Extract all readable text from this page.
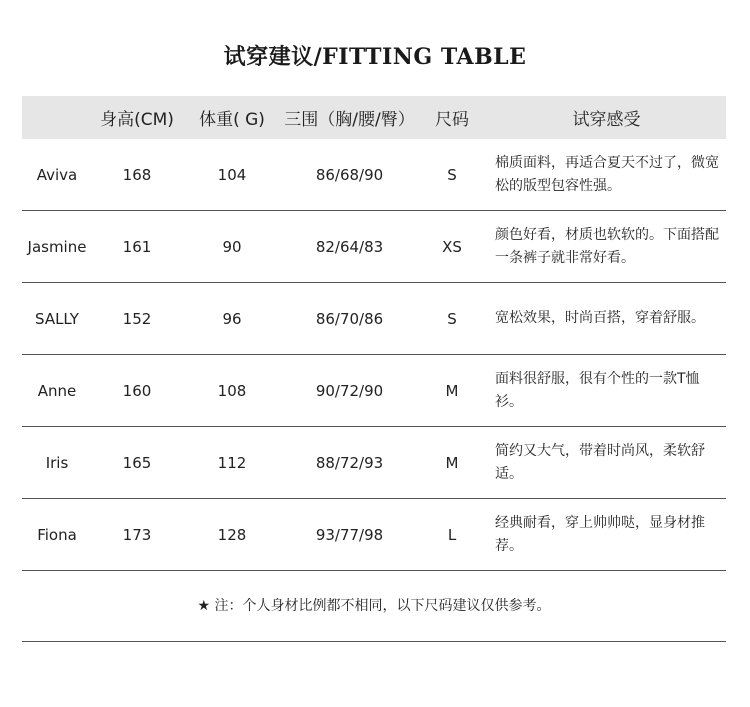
试穿建议/FITTING TABLE
	身高(CM)	体重( G)	三围（胸/腰/臀）	尺码	试穿感受
Aviva	168	104	86/68/90	S	棉质面料，再适合夏天不过了，微宽松的版型包容性强。
Jasmine	161	90	82/64/83	XS	颜色好看，材质也软软的。下面搭配一条裤子就非常好看。
SALLY	152	96	86/70/86	S	宽松效果，时尚百搭，穿着舒服。
Anne	160	108	90/72/90	M	面料很舒服，很有个性的一款T恤衫。
Iris	165	112	88/72/93	M	简约又大气，带着时尚风，柔软舒适。
Fiona	173	128	93/77/98	L	经典耐看，穿上帅帅哒，显身材推荐。
★ 注：个人身材比例都不相同，以下尺码建议仅供参考。
